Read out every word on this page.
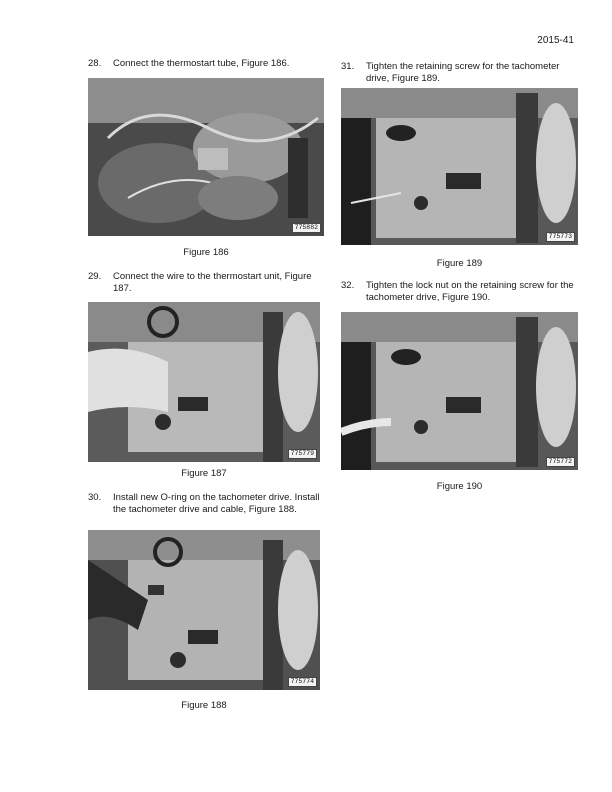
2015-41
28. Connect the thermostart tube, Figure 186.
775882
Figure 186
29. Connect the wire to the thermostart unit, Figure 187.
775779
Figure 187
30. Install new O-ring on the tachometer drive. Install the tachometer drive and cable, Figure 188.
775774
Figure 188
31. Tighten the retaining screw for the tachometer drive, Figure 189.
775773
Figure 189
32. Tighten the lock nut on the retaining screw for the tachometer drive, Figure 190.
775772
Figure 190
